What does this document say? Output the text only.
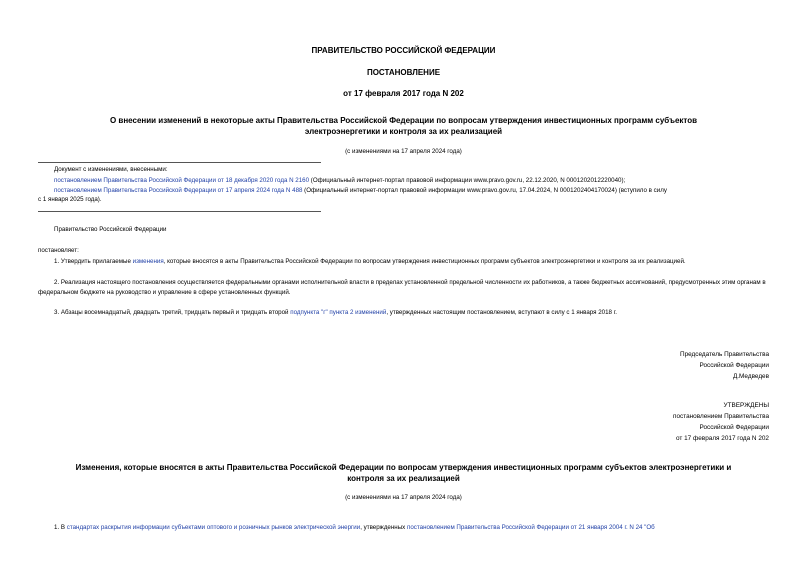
ПРАВИТЕЛЬСТВО РОССИЙСКОЙ ФЕДЕРАЦИИ
ПОСТАНОВЛЕНИЕ
от 17 февраля 2017 года N 202
О внесении изменений в некоторые акты Правительства Российской Федерации по вопросам утверждения инвестиционных программ субъектов
электроэнергетики и контроля за их реализацией
(с изменениями на 17 апреля 2024 года)
Документ с изменениями, внесенными:
постановлением Правительства Российской Федерации от 18 декабря 2020 года N 2160 (Официальный интернет-портал правовой информации www.pravo.gov.ru, 22.12.2020, N 0001202012220040);
постановлением Правительства Российской Федерации от 17 апреля 2024 года N 488 (Официальный интернет-портал правовой информации www.pravo.gov.ru, 17.04.2024, N 0001202404170024) (вступило в силу
с 1 января 2025 года).
Правительство Российской Федерации
постановляет:
1. Утвердить прилагаемые изменения, которые вносятся в акты Правительства Российской Федерации по вопросам утверждения инвестиционных программ субъектов электроэнергетики и контроля за их реализацией.
2. Реализация настоящего постановления осуществляется федеральными органами исполнительной власти в пределах установленной предельной численности их работников, а также бюджетных ассигнований, предусмотренных этим органам в федеральном бюджете на руководство и управление в сфере установленных функций.
3. Абзацы восемнадцатый, двадцать третий, тридцать первый и тридцать второй подпункта "г" пункта 2 изменений, утвержденных настоящим постановлением, вступают в силу с 1 января 2018 г.
Председатель Правительства
Российской Федерации
Д.Медведев
УТВЕРЖДЕНЫ
постановлением Правительства
Российской Федерации
от 17 февраля 2017 года N 202
Изменения, которые вносятся в акты Правительства Российской Федерации по вопросам утверждения инвестиционных программ субъектов электроэнергетики и
контроля за их реализацией
(с изменениями на 17 апреля 2024 года)
1. В стандартах раскрытия информации субъектами оптового и розничных рынков электрической энергии, утвержденных постановлением Правительства Российской Федерации от 21 января 2004 г. N 24 "Об
